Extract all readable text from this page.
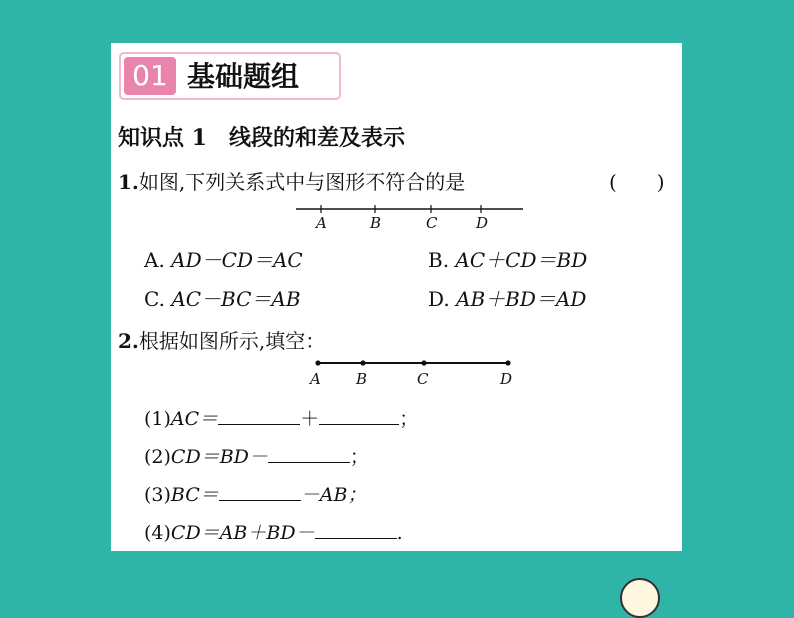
01 基础题组
知识点 1 线段的和差及表示
1.如图,下列关系式中与图形不符合的是	(　　)
A	B	C	D
A. AD－CD＝AC	B. AC＋CD＝BD
C. AC－BC＝AB	D. AB＋BD＝AD
2.根据如图所示,填空：
A B	C	D
(1)AC＝	＋	；
(2)CD＝BD－	；
(3)BC＝	－AB；
(4)CD＝AB＋BD－	.
